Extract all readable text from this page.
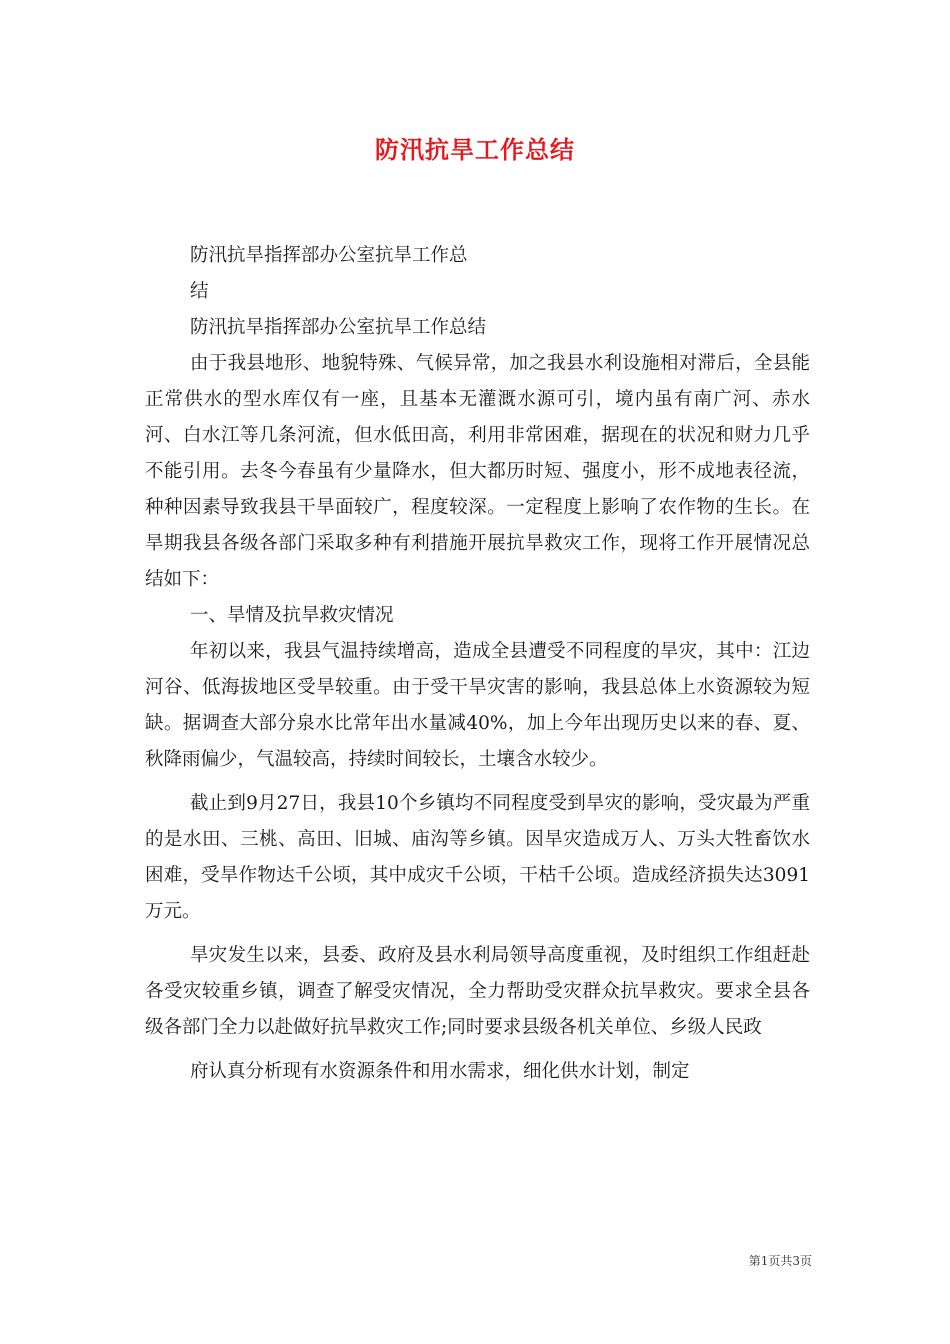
防汛抗旱工作总结

防汛抗旱指挥部办公室抗旱工作总

结

防汛抗旱指挥部办公室抗旱工作总结

由于我县地形、地貌特殊、气候异常，加之我县水利设施相对滞后，全县能正常供水的型水库仅有一座，且基本无灌溉水源可引，境内虽有南广河、赤水河、白水江等几条河流，但水低田高，利用非常困难，据现在的状况和财力几乎不能引用。去冬今春虽有少量降水，但大都历时短、强度小，形不成地表径流，种种因素导致我县干旱面较广，程度较深。一定程度上影响了农作物的生长。在旱期我县各级各部门采取多种有利措施开展抗旱救灾工作，现将工作开展情况总结如下：

一、旱情及抗旱救灾情况

年初以来，我县气温持续增高，造成全县遭受不同程度的旱灾，其中：江边河谷、低海拔地区受旱较重。由于受干旱灾害的影响，我县总体上水资源较为短缺。据调查大部分泉水比常年出水量减40%，加上今年出现历史以来的春、夏、秋降雨偏少，气温较高，持续时间较长，土壤含水较少。

截止到9月27日，我县10个乡镇均不同程度受到旱灾的影响，受灾最为严重的是水田、三桃、高田、旧城、庙沟等乡镇。因旱灾造成万人、万头大牲畜饮水困难，受旱作物达千公顷，其中成灾千公顷，干枯千公顷。造成经济损失达3091万元。

旱灾发生以来，县委、政府及县水利局领导高度重视，及时组织工作组赶赴各受灾较重乡镇，调查了解受灾情况，全力帮助受灾群众抗旱救灾。要求全县各级各部门全力以赴做好抗旱救灾工作;同时要求县级各机关单位、乡级人民政

府认真分析现有水资源条件和用水需求，细化供水计划，制定

第1页共3页
